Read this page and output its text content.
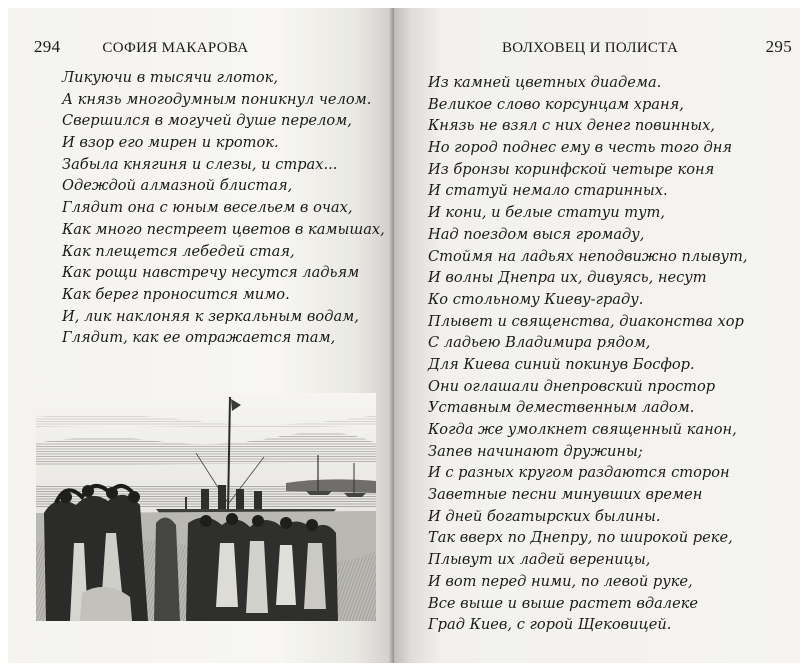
294	СОФИЯ МАКАРОВА
Ликуючи в тысячи глоток,
А князь многодумным поникнул челом.
Свершился в могучей душе перелом,
И взор его мирен и кроток.
Забыла княгиня и слезы, и страх...
Одеждой алмазной блистая,
Глядит она с юным весельем в очах,
Как много пестреет цветов в камышах,
Как плещется лебедей стая,
Как рощи навстречу несутся ладьям
Как берег проносится мимо.
И, лик наклоняя к зеркальным водам,
Глядит, как ее отражается там,
ВОЛХОВЕЦ И ПОЛИСТА	295
Из камней цветных диадема.
Великое слово корсунцам храня,
Князь не взял с них денег повинных,
Но город поднес ему в честь того дня
Из бронзы коринфской четыре коня
И статуй немало старинных.
И кони, и белые статуи тут,
Над поездом выся громаду,
Стоймя на ладьях неподвижно плывут,
И волны Днепра их, дивуясь, несут
Ко стольному Киеву-граду.
Плывет и священства, диаконства хор
С ладьею Владимира рядом,
Для Киева синий покинув Босфор.
Они оглашали днепровский простор
Уставным демественным ладом.
Когда же умолкнет священный канон,
Запев начинают дружины;
И с разных кругом раздаются сторон
Заветные песни минувших времен
И дней богатырских былины.
Так вверх по Днепру, по широкой реке,
Плывут их ладей вереницы,
И вот перед ними, по левой руке,
Все выше и выше растет вдалеке
Град Киев, с горой Щековицей.
